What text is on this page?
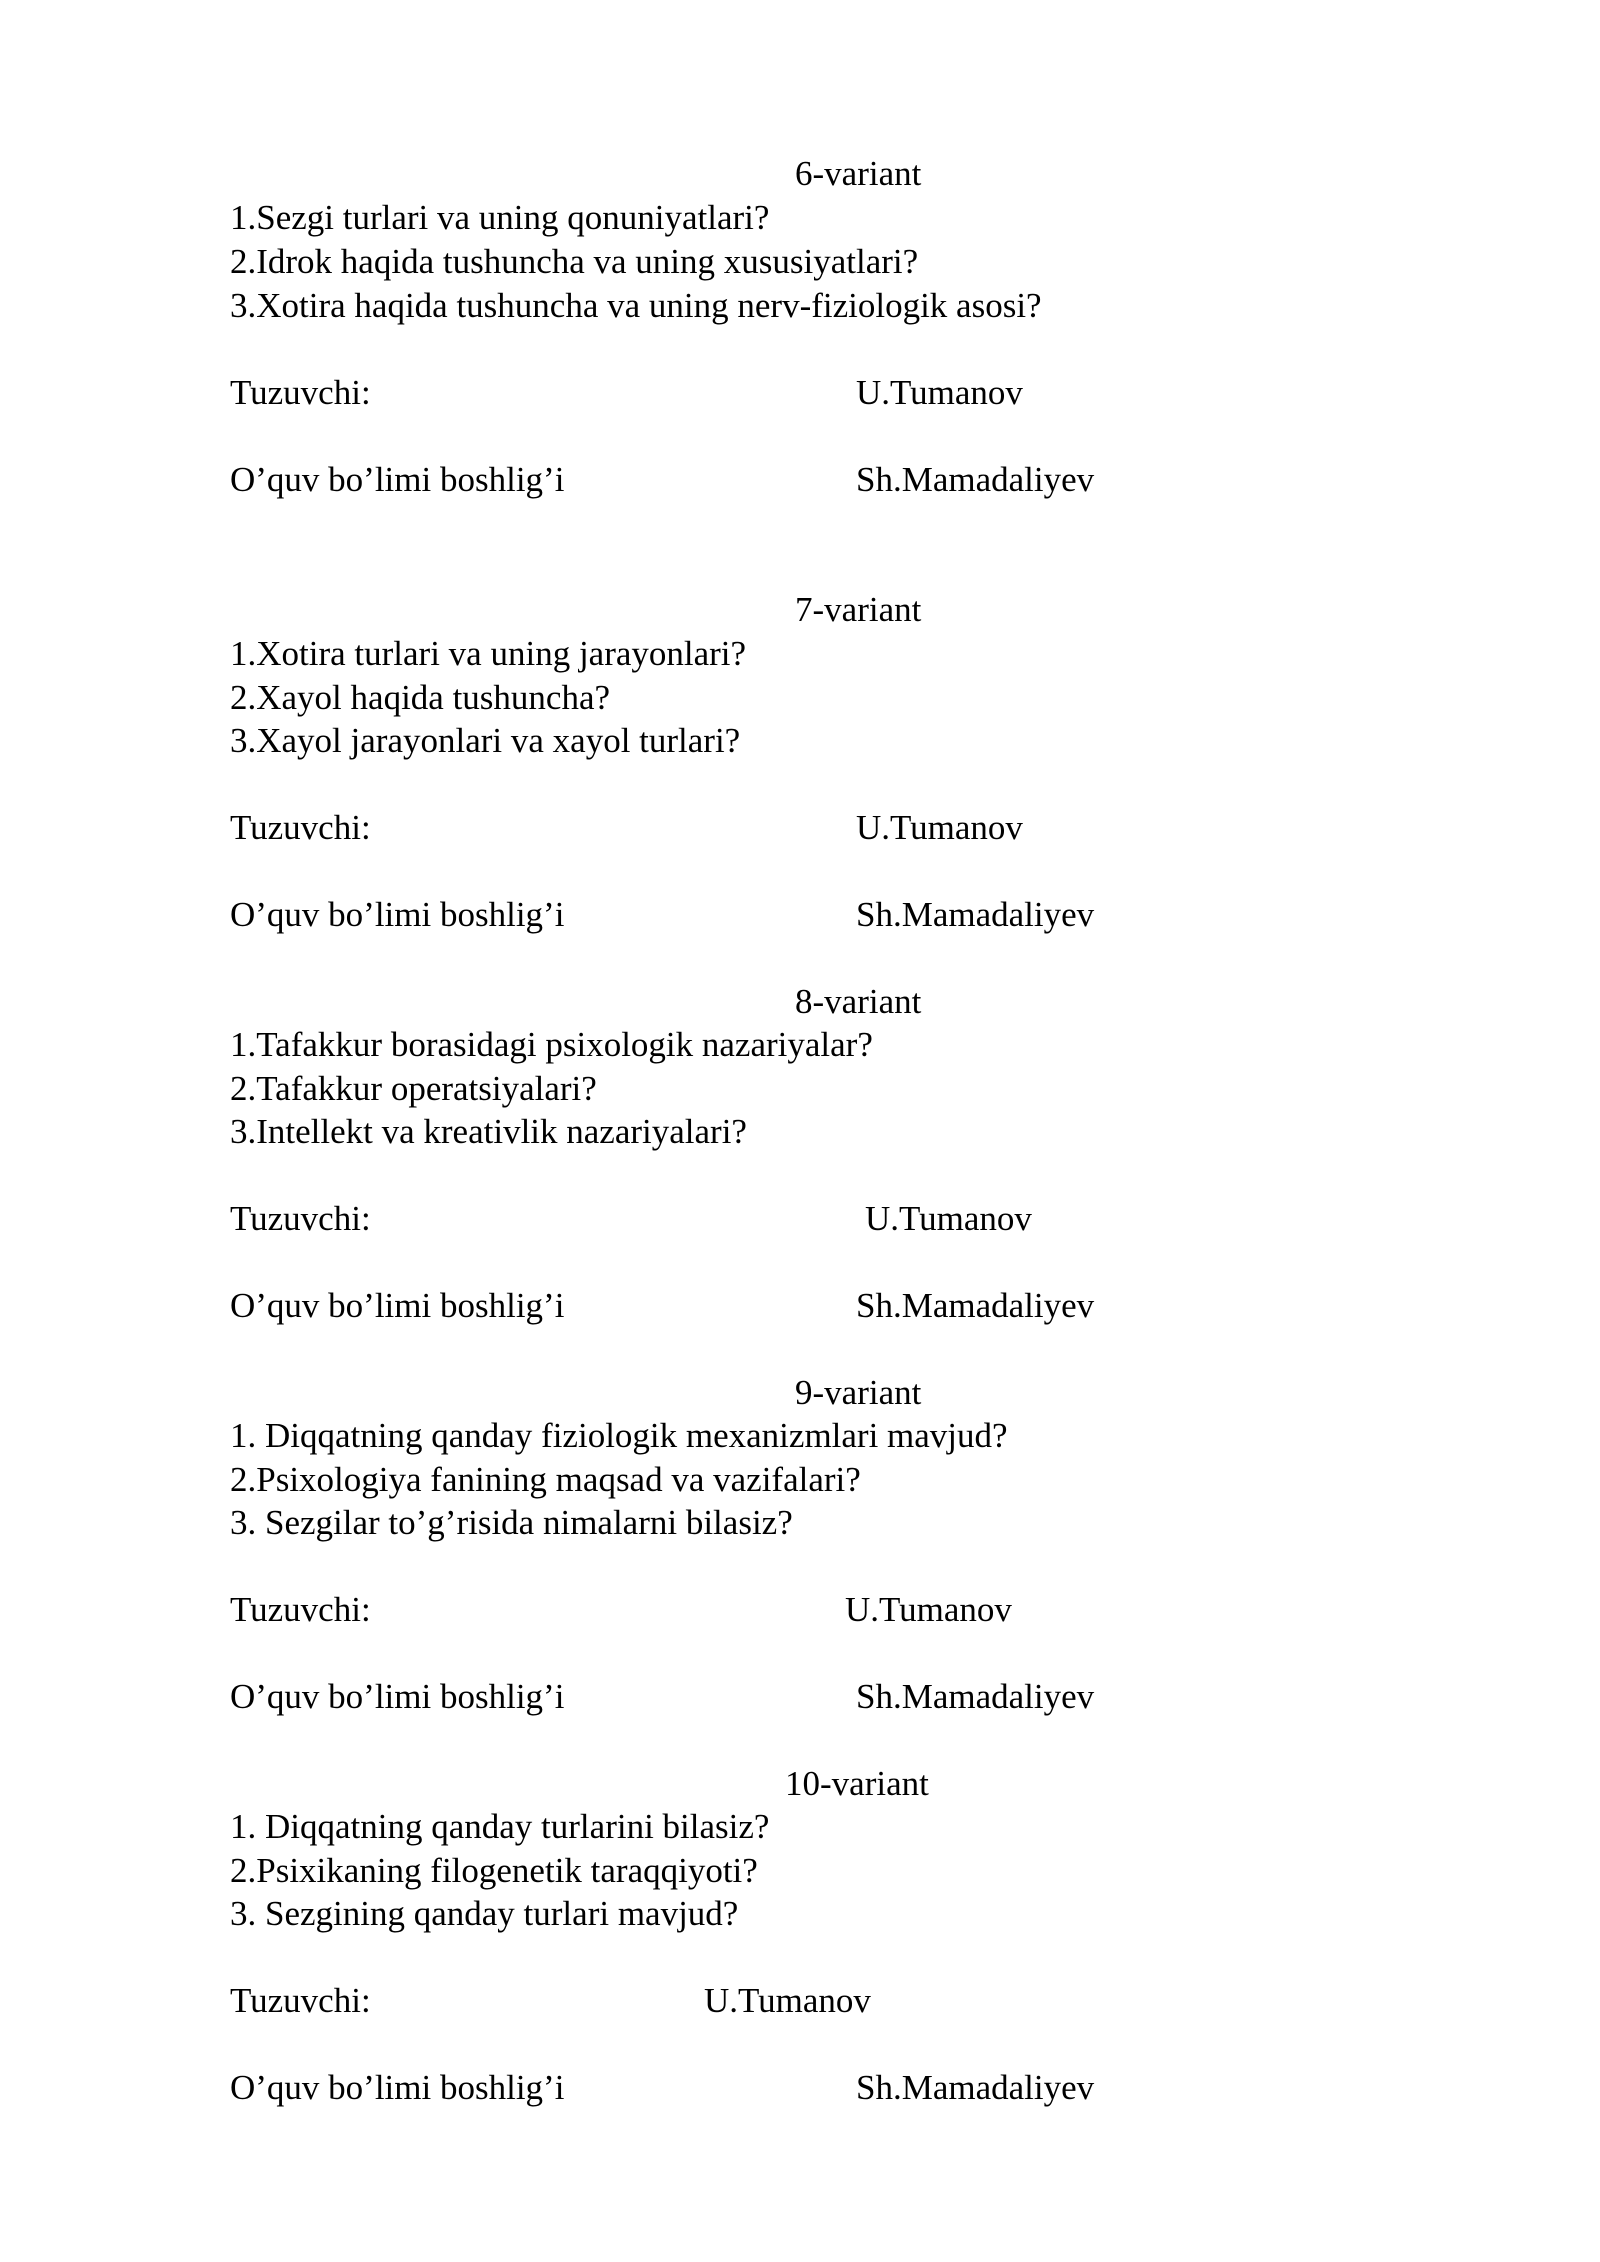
6-variant
1.Sezgi turlari va uning qonuniyatlari?
2.Idrok haqida tushuncha va uning xususiyatlari?
3.Xotira haqida tushuncha va uning nerv-fiziologik asosi?
Tuzuvchi:	U.Tumanov
O’quv bo’limi boshlig’i	Sh.Mamadaliyev
7-variant
1.Xotira turlari va uning jarayonlari?
2.Xayol haqida tushuncha?
3.Xayol jarayonlari va xayol turlari?
Tuzuvchi:	U.Tumanov
O’quv bo’limi boshlig’i	Sh.Mamadaliyev
8-variant
1.Tafakkur borasidagi psixologik nazariyalar?
2.Tafakkur operatsiyalari?
3.Intellekt va kreativlik nazariyalari?
Tuzuvchi:	U.Tumanov
O’quv bo’limi boshlig’i	Sh.Mamadaliyev
9-variant
1. Diqqatning qanday fiziologik mexanizmlari mavjud?
2.Psixologiya fanining maqsad va vazifalari?
3. Sezgilar to’g’risida nimalarni bilasiz?
Tuzuvchi:	U.Tumanov
O’quv bo’limi boshlig’i	Sh.Mamadaliyev
10-variant
1. Diqqatning qanday turlarini bilasiz?
2.Psixikaning filogenetik taraqqiyoti?
3. Sezgining qanday turlari mavjud?
Tuzuvchi:	U.Tumanov
O’quv bo’limi boshlig’i	Sh.Mamadaliyev
